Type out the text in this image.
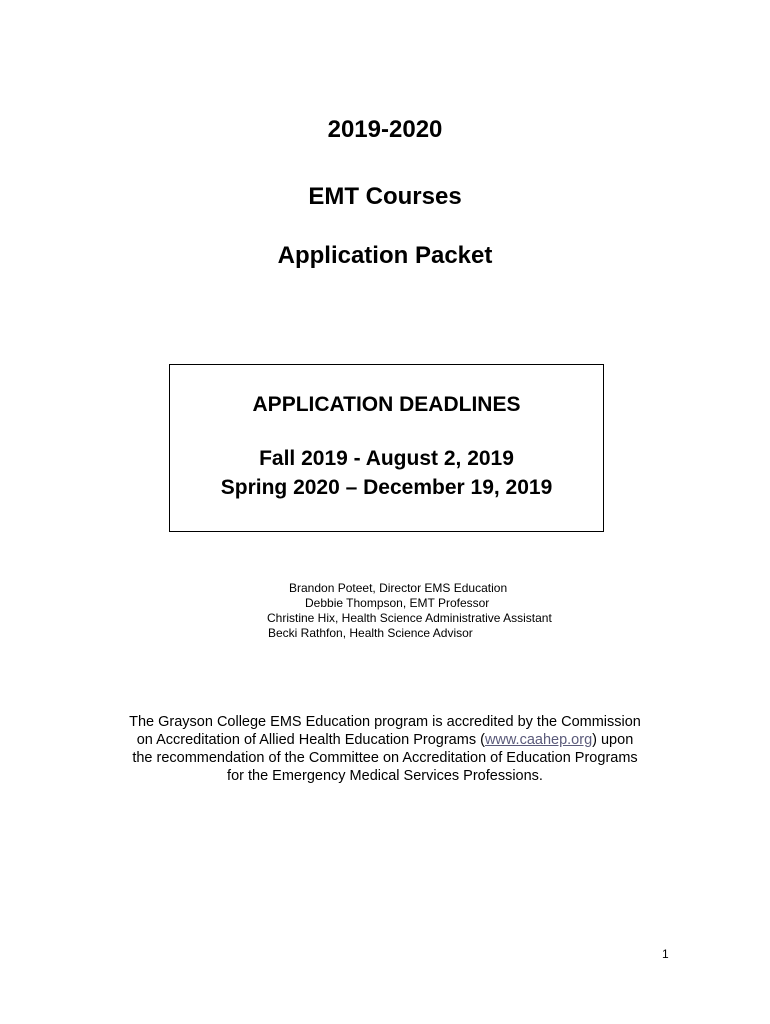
2019-2020
EMT Courses
Application Packet
APPLICATION DEADLINES
Fall 2019 - August 2, 2019
Spring 2020 – December 19, 2019
Brandon Poteet, Director EMS Education
Debbie Thompson, EMT Professor
Christine Hix, Health Science Administrative Assistant
Becki Rathfon, Health Science Advisor
The Grayson College EMS Education program is accredited by the Commission
on Accreditation of Allied Health Education Programs (www.caahep.org) upon
the recommendation of the Committee on Accreditation of Education Programs
for the Emergency Medical Services Professions.
1
